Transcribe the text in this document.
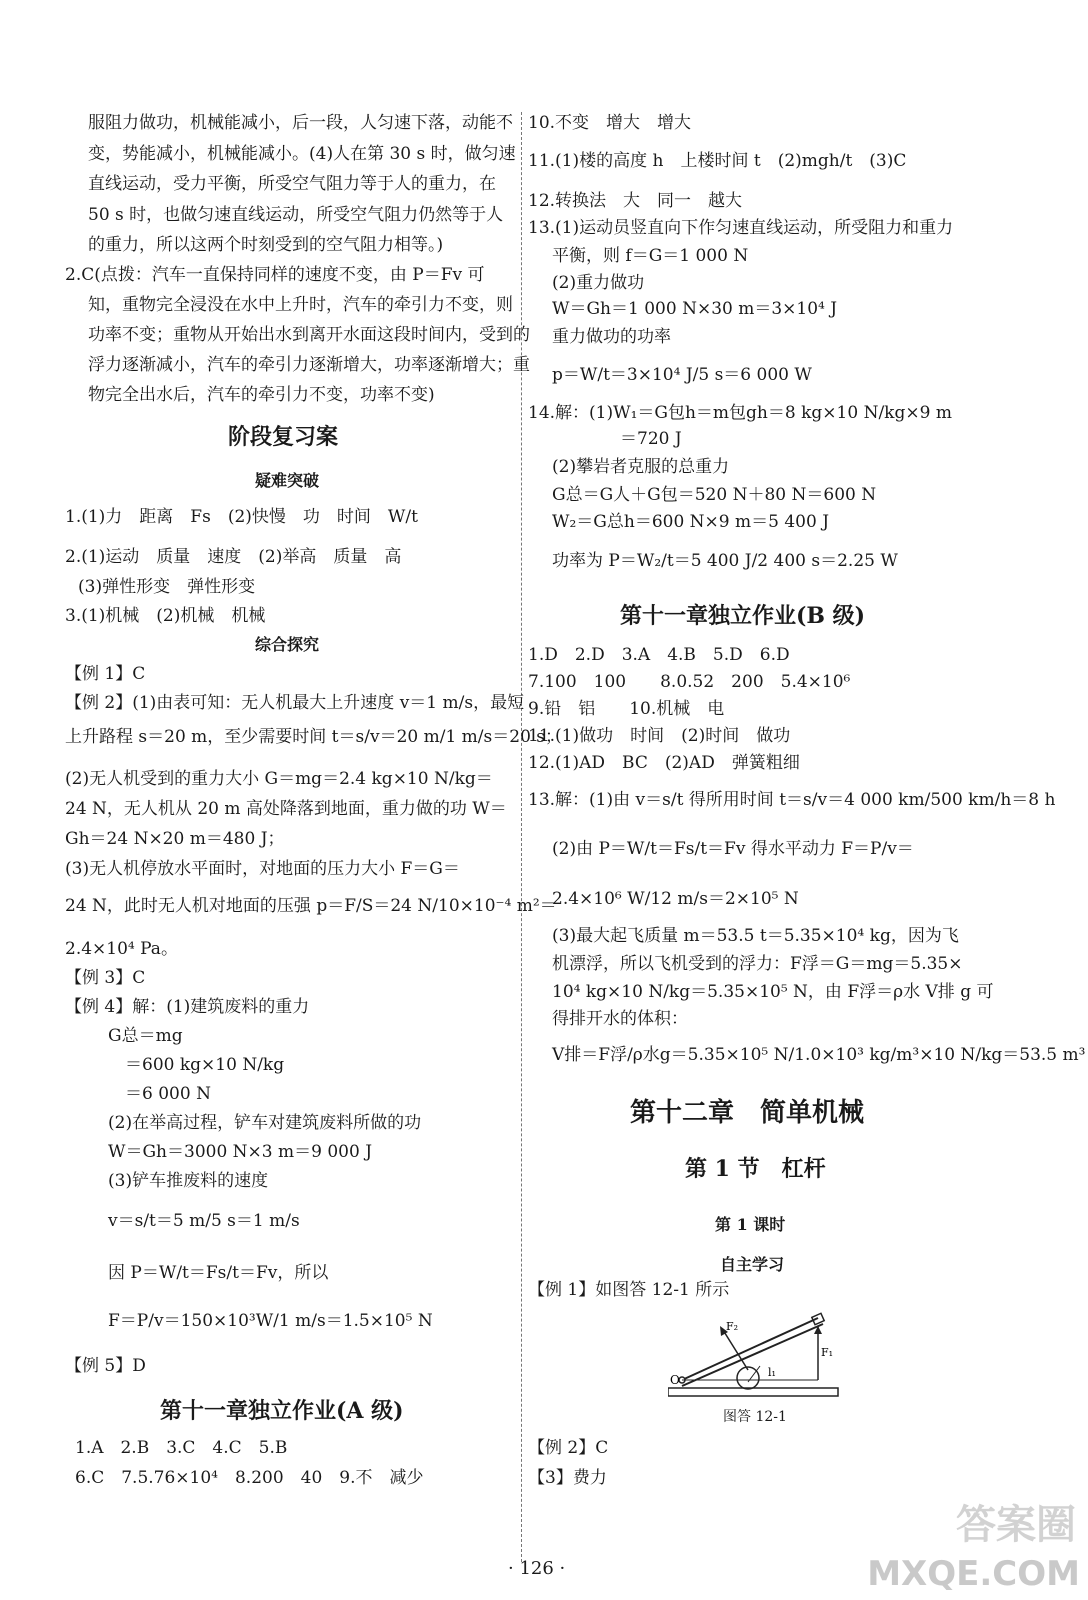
服阻力做功，机械能减小，后一段，人匀速下落，动能不
变，势能减小，机械能减小。(4)人在第 30 s 时，做匀速
直线运动，受力平衡，所受空气阻力等于人的重力，在
50 s 时，也做匀速直线运动，所受空气阻力仍然等于人
的重力，所以这两个时刻受到的空气阻力相等。)
2.C(点拨：汽车一直保持同样的速度不变，由 P＝Fv 可
知，重物完全浸没在水中上升时，汽车的牵引力不变，则
功率不变；重物从开始出水到离开水面这段时间内，受到的
浮力逐渐减小，汽车的牵引力逐渐增大，功率逐渐增大；重
物完全出水后，汽车的牵引力不变，功率不变)
阶段复习案
疑难突破
1.(1)力　距离　Fs　(2)快慢　功　时间　W/t
2.(1)运动　质量　速度　(2)举高　质量　高
(3)弹性形变　弹性形变
3.(1)机械　(2)机械　机械
综合探究
【例 1】C
【例 2】(1)由表可知：无人机最大上升速度 v＝1 m/s，最短
上升路程 s＝20 m，至少需要时间 t＝s/v＝20 m/1 m/s＝20 s；
(2)无人机受到的重力大小 G＝mg＝2.4 kg×10 N/kg＝
24 N，无人机从 20 m 高处降落到地面，重力做的功 W＝
Gh＝24 N×20 m＝480 J；
(3)无人机停放水平面时，对地面的压力大小 F＝G＝
24 N，此时无人机对地面的压强 p＝F/S＝24 N/10×10⁻⁴ m²＝
2.4×10⁴ Pa。
【例 3】C
【例 4】解：(1)建筑废料的重力
G总＝mg
＝600 kg×10 N/kg
＝6 000 N
(2)在举高过程，铲车对建筑废料所做的功
W＝Gh＝3000 N×3 m＝9 000 J
(3)铲车推废料的速度
v＝s/t＝5 m/5 s＝1 m/s
因 P＝W/t＝Fs/t＝Fv，所以
F＝P/v＝150×10³W/1 m/s＝1.5×10⁵ N
【例 5】D
第十一章独立作业(A 级)
1.A　2.B　3.C　4.C　5.B
6.C　7.5.76×10⁴　8.200　40　9.不　减少
10.不变　增大　增大
11.(1)楼的高度 h　上楼时间 t　(2)mgh/t　(3)C
12.转换法　大　同一　越大
13.(1)运动员竖直向下作匀速直线运动，所受阻力和重力
平衡，则 f＝G＝1 000 N
(2)重力做功
W＝Gh＝1 000 N×30 m＝3×10⁴ J
重力做功的功率
p＝W/t＝3×10⁴ J/5 s＝6 000 W
14.解：(1)W₁＝G包h＝m包gh＝8 kg×10 N/kg×9 m
＝720 J
(2)攀岩者克服的总重力
G总＝G人＋G包＝520 N＋80 N＝600 N
W₂＝G总h＝600 N×9 m＝5 400 J
功率为 P＝W₂/t＝5 400 J/2 400 s＝2.25 W
第十一章独立作业(B 级)
1.D　2.D　3.A　4.B　5.D　6.D
7.100　100　　8.0.52　200　5.4×10⁶
9.铅　铝　　10.机械　电
11.(1)做功　时间　(2)时间　做功
12.(1)AD　BC　(2)AD　弹簧粗细
13.解：(1)由 v＝s/t 得所用时间 t＝s/v＝4 000 km/500 km/h＝8 h
(2)由 P＝W/t＝Fs/t＝Fv 得水平动力 F＝P/v＝
2.4×10⁶ W/12 m/s＝2×10⁵ N
(3)最大起飞质量 m＝53.5 t＝5.35×10⁴ kg，因为飞
机漂浮，所以飞机受到的浮力：F浮＝G＝mg＝5.35×
10⁴ kg×10 N/kg＝5.35×10⁵ N，由 F浮＝ρ水 V排 g 可
得排开水的体积：
V排＝F浮/ρ水g＝5.35×10⁵ N/1.0×10³ kg/m³×10 N/kg＝53.5 m³
第十二章　简单机械
第 1 节　杠杆
第 1 课时
自主学习
【例 1】如图答 12-1 所示
F₂
F₁
O
l₁
图答 12-1
【例 2】C
【3】费力
· 126 ·
答案圈
MXQE.COM
